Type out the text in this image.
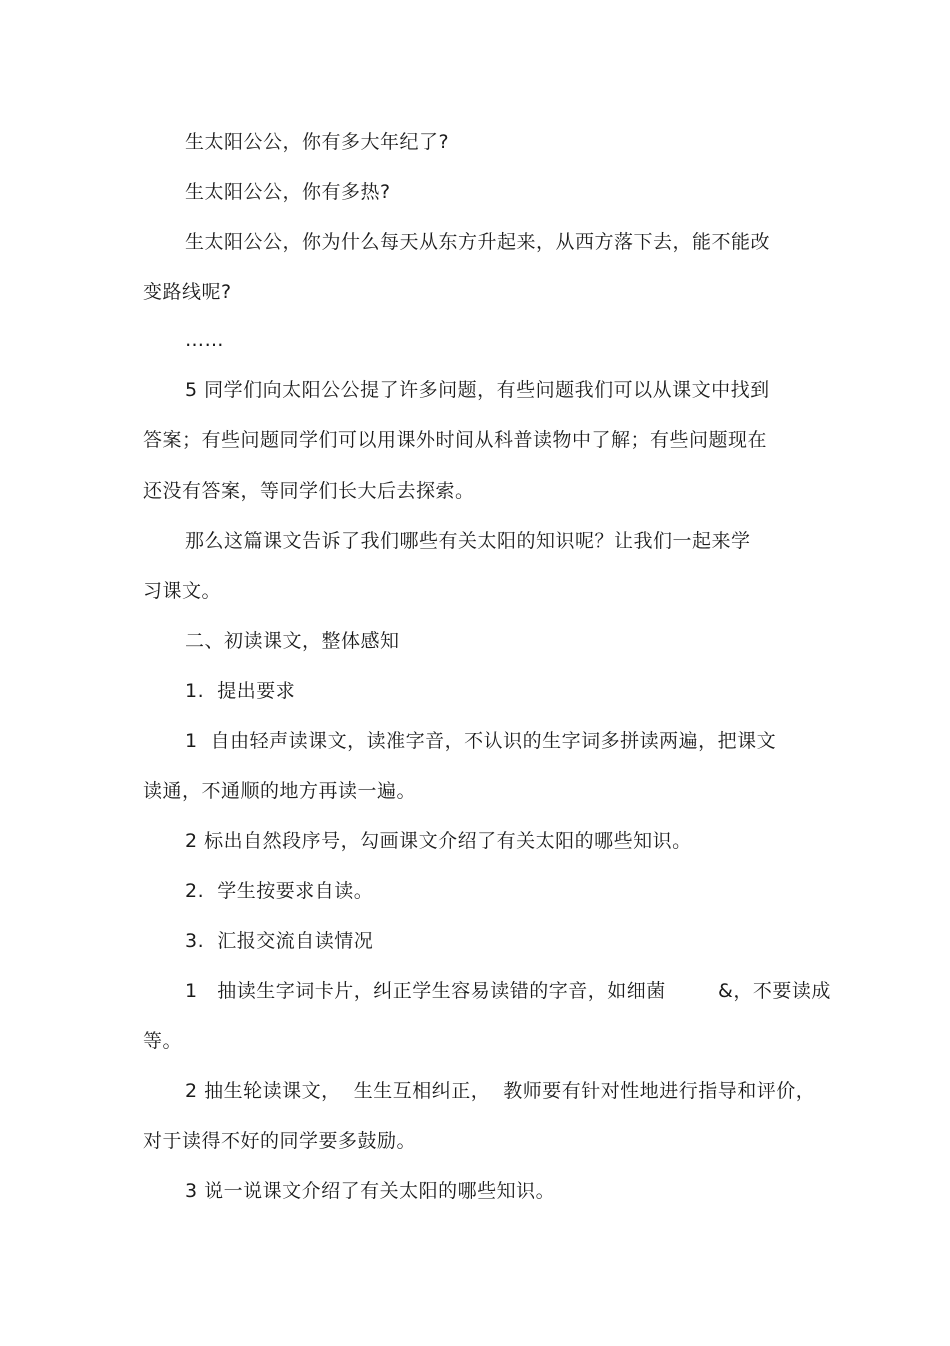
生太阳公公，你有多大年纪了?
生太阳公公，你有多热?
生太阳公公，你为什么每天从东方升起来，从西方落下去，能不能改
变路线呢?
……
5 同学们向太阳公公提了许多问题，有些问题我们可以从课文中找到
答案；有些问题同学们可以用课外时间从科普读物中了解；有些问题现在
还没有答案，等同学们长大后去探索。
那么这篇课文告诉了我们哪些有关太阳的知识呢？让我们一起来学
习课文。
二、初读课文，整体感知
1.  提出要求
1  自由轻声读课文，读准字音，不认识的生字词多拼读两遍，把课文
读通，不通顺的地方再读一遍。
2 标出自然段序号，勾画课文介绍了有关太阳的哪些知识。
2.  学生按要求自读。
3.  汇报交流自读情况
1   抽读生字词卡片，纠正学生容易读错的字音，如细菌        &，不要读成
等。
2 抽生轮读课文，  生生互相纠正，  教师要有针对性地进行指导和评价，
对于读得不好的同学要多鼓励。
3 说一说课文介绍了有关太阳的哪些知识。
